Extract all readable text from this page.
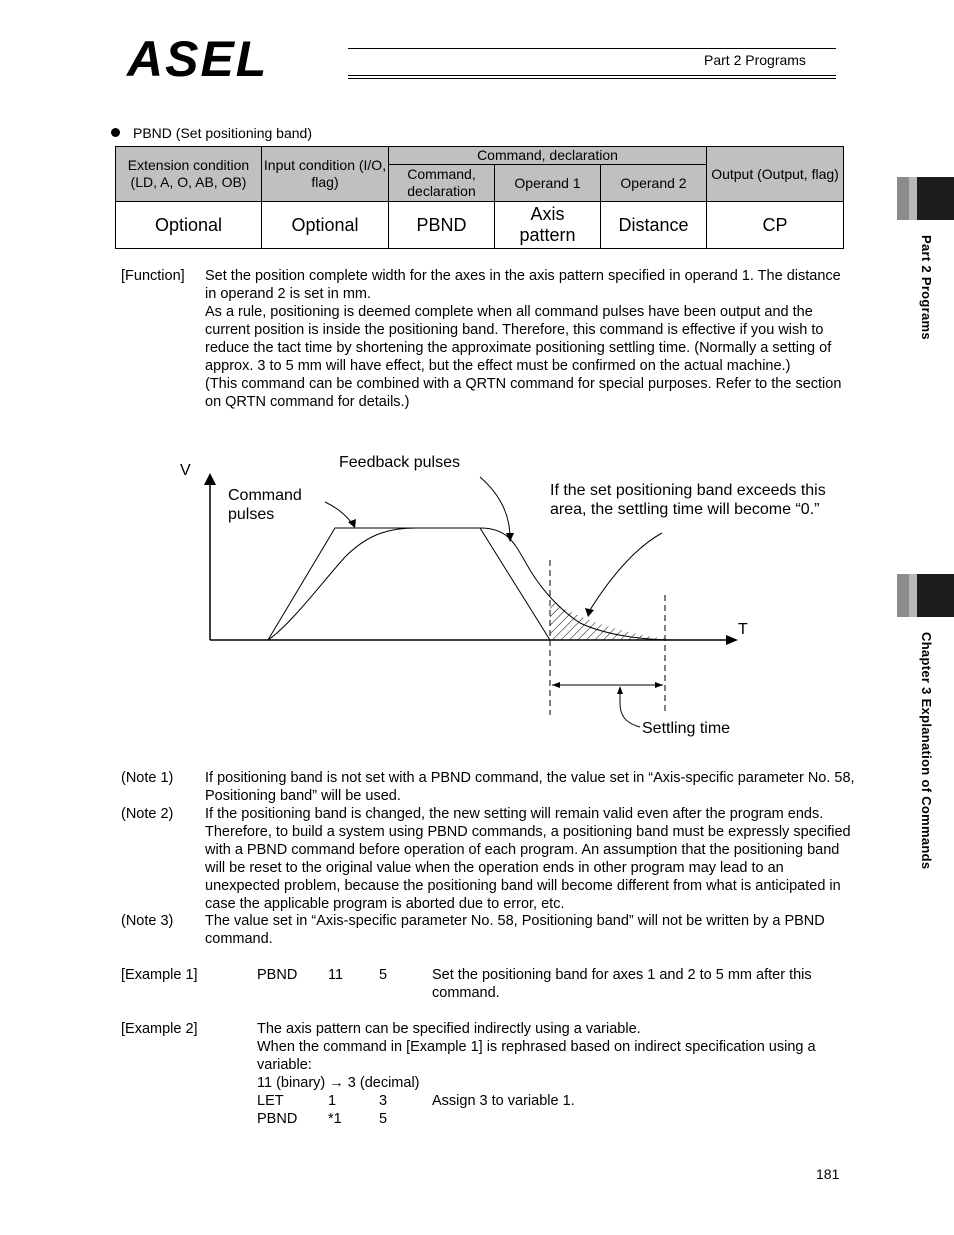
ASEL	Part 2 Programs
Part 2 Programs
Chapter 3 Explanation of Commands
PBND (Set positioning band)
Extension condition (LD, A, O, AB, OB)	Input condition (I/O, flag)	Command, declaration			Output (Output, flag)
		Command, declaration	Operand 1	Operand 2	
Optional	Optional	PBND	Axis pattern	Distance	CP
[Function] Set the position complete width for the axes in the axis pattern specified in operand 1. The distance in operand 2 is set in mm.
As a rule, positioning is deemed complete when all command pulses have been output and the current position is inside the positioning band. Therefore, this command is effective if you wish to reduce the tact time by shortening the approximate positioning settling time. (Normally a setting of approx. 3 to 5 mm will have effect, but the effect must be confirmed on the actual machine.)
(This command can be combined with a QRTN command for special purposes. Refer to the section on QRTN command for details.)
V
T
Feedback pulses
Command
pulses
If the set positioning band exceeds this
area, the settling time will become “0.”
Settling time
(Note 1) If positioning band is not set with a PBND command, the value set in “Axis-specific parameter No. 58, Positioning band” will be used.
(Note 2) If the positioning band is changed, the new setting will remain valid even after the program ends. Therefore, to build a system using PBND commands, a positioning band must be expressly specified with a PBND command before operation of each program. An assumption that the positioning band will be reset to the original value when the operation ends in other program may lead to an unexpected problem, because the positioning band will become different from what is anticipated in case the applicable program is aborted due to error, etc.
(Note 3) The value set in “Axis-specific parameter No. 58, Positioning band” will not be written by a PBND command.
[Example 1]	PBND 11 5	Set the positioning band for axes 1 and 2 to 5 mm after this command.
[Example 2]	The axis pattern can be specified indirectly using a variable.
When the command in [Example 1] is rephrased based on indirect specification using a variable:
11 (binary) → 3 (decimal)
LET	1	3	Assign 3 to variable 1.
PBND *1	5
181
